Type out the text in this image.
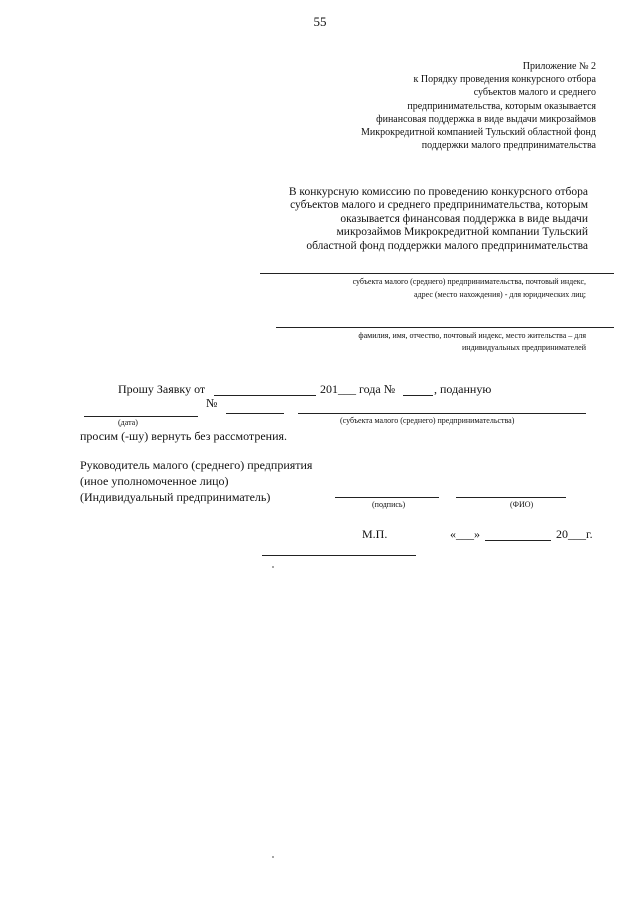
55
Приложение № 2
к Порядку проведения конкурсного отбора
субъектов малого и среднего
предпринимательства, которым оказывается
финансовая поддержка в виде выдачи микрозаймов
Микрокредитной компанией Тульский областной фонд
поддержки малого предпринимательства
В конкурсную комиссию по проведению конкурсного отбора
субъектов малого и среднего предпринимательства, которым
оказывается финансовая поддержка в виде выдачи
микрозаймов Микрокредитной компании Тульский
областной фонд поддержки малого предпринимательства
субъекта малого (среднего) предпринимательства, почтовый индекс,
адрес (место нахождения) - для юридических лиц;
фамилия, имя, отчество, почтовый индекс, место жительства – для
индивидуальных предпринимателей
Прошу Заявку от	201___ года №	, поданную
№
(дата)	(субъекта малого (среднего) предпринимательства)
просим (-шу) вернуть без рассмотрения.
Руководитель малого (среднего) предприятия
(иное уполномоченное лицо)
(Индивидуальный предприниматель)
(подпись)	(ФИО)
М.П.	«___»	20___г.
